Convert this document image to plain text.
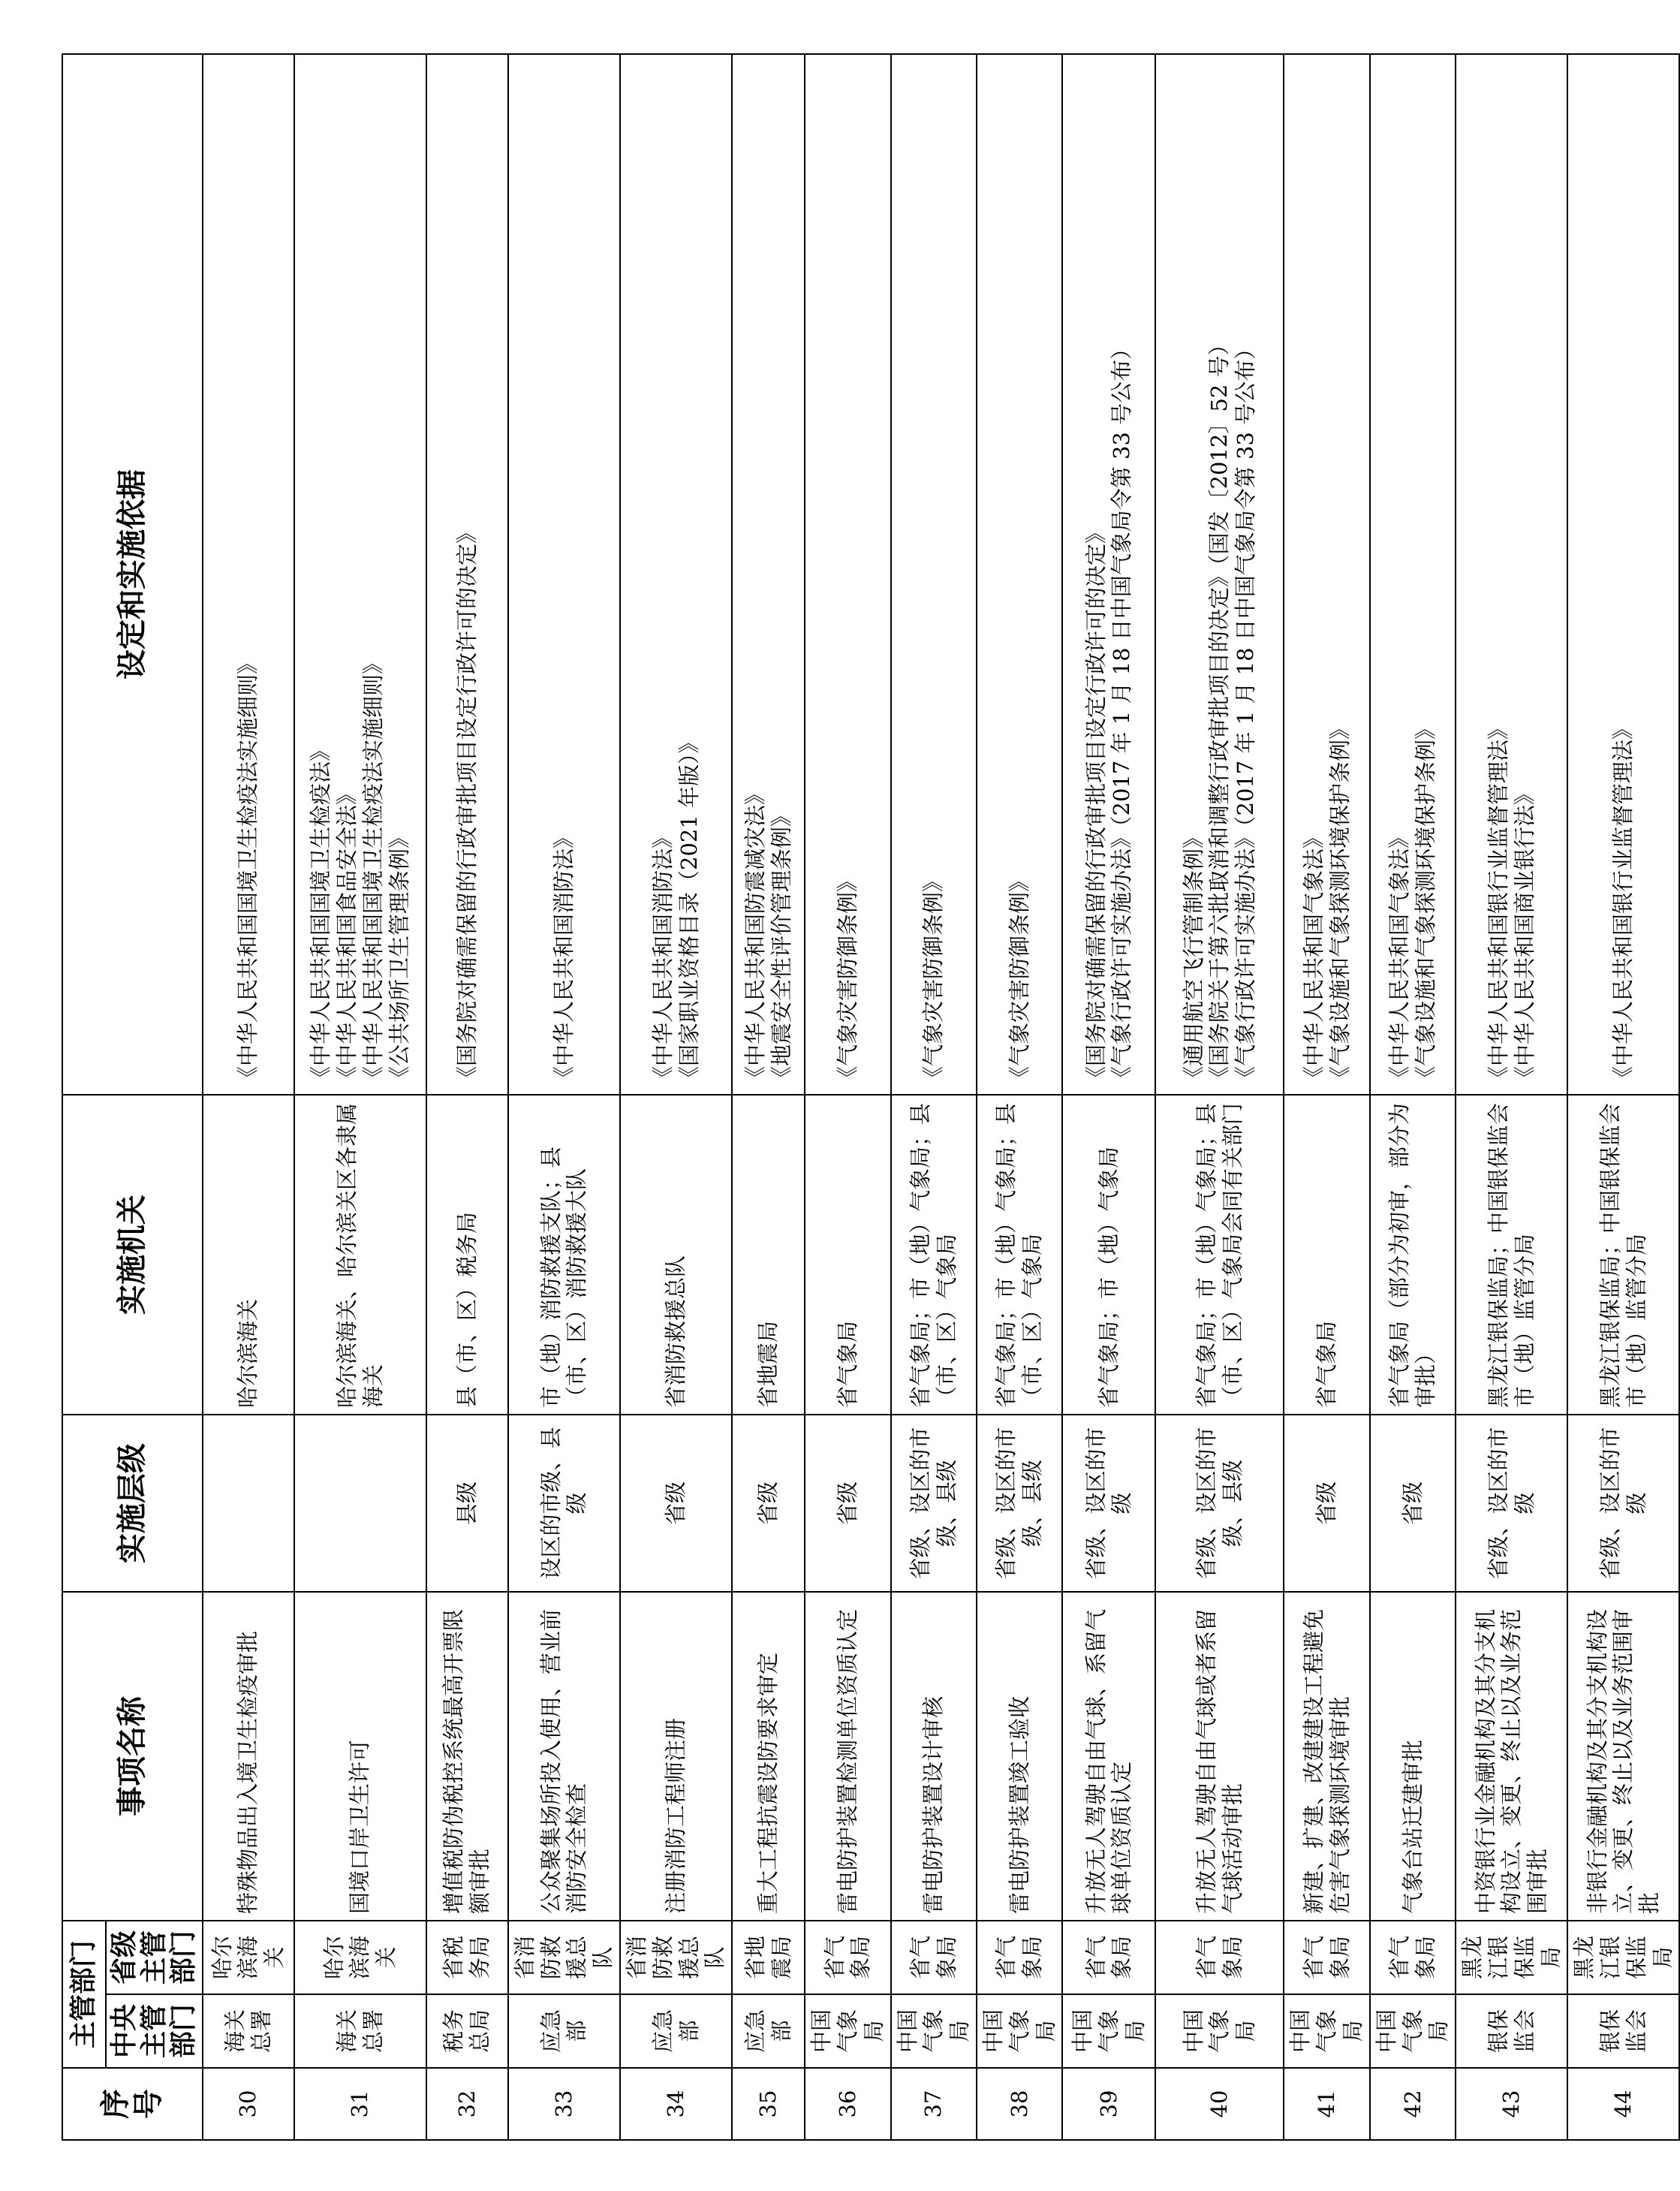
序号	主管部门		事项名称	实施层级	实施机关	设定和实施依据
	中央主管部门	省级主管部门				
30	海关总署	哈尔滨海关	特殊物品出入境卫生检疫审批		哈尔滨海关	《中华人民共和国国境卫生检疫法实施细则》

31	海关总署	哈尔滨海关	国境口岸卫生许可		哈尔滨海关、哈尔滨关区各隶属海关	《中华人民共和国国境卫生检疫法》 《中华人民共和国食品安全法》 《中华人民共和国国境卫生检疫法实施细则》 《公共场所卫生管理条例》

32	税务总局	省税务局	增值税防伪税控系统最高开票限额审批	县级	县（市、区）税务局	《国务院对确需保留的行政审批项目设定行政许可的决定》

33	应急部	省消防救援总队	公众聚集场所投入使用、营业前消防安全检查	设区的市级、县级	市（地）消防救援支队；县（市、区）消防救援大队	《中华人民共和国消防法》

34	应急部	省消防救援总队	注册消防工程师注册	省级	省消防救援总队	《中华人民共和国消防法》 《国家职业资格目录（2021 年版）》

35	应急部	省地震局	重大工程抗震设防要求审定	省级	省地震局	《中华人民共和国防震减灾法》 《地震安全性评价管理条例》

36	中国气象局	省气象局	雷电防护装置检测单位资质认定	省级	省气象局	《气象灾害防御条例》

37	中国气象局	省气象局	雷电防护装置设计审核	省级、设区的市级、县级	省气象局；市（地）气象局；县（市、区）气象局	《气象灾害防御条例》

38	中国气象局	省气象局	雷电防护装置竣工验收	省级、设区的市级、县级	省气象局；市（地）气象局；县（市、区）气象局	《气象灾害防御条例》

39	中国气象局	省气象局	升放无人驾驶自由气球、系留气球单位资质认定	省级、设区的市级	省气象局；市（地）气象局	《国务院对确需保留的行政审批项目设定行政许可的决定》 《气象行政许可实施办法》（2017 年 1 月 18 日中国气象局令第 33 号公布）

40	中国气象局	省气象局	升放无人驾驶自由气球或者系留气球活动审批	省级、设区的市级、县级	省气象局；市（地）气象局；县（市、区）气象局会同有关部门	《通用航空飞行管制条例》 《国务院关于第六批取消和调整行政审批项目的决定》（国发〔2012〕52 号） 《气象行政许可实施办法》（2017 年 1 月 18 日中国气象局令第 33 号公布）

41	中国气象局	省气象局	新建、扩建、改建建设工程避免危害气象探测环境审批	省级	省气象局	《中华人民共和国气象法》 《气象设施和气象探测环境保护条例》

42	中国气象局	省气象局	气象台站迁建审批	省级	省气象局（部分为初审，部分为审批）	《中华人民共和国气象法》 《气象设施和气象探测环境保护条例》

43	银保监会	黑龙江银保监局	中资银行业金融机构及其分支机构设立、变更、终止以及业务范围审批	省级、设区的市级	黑龙江银保监局；中国银保监会市（地）监管分局	《中华人民共和国银行业监督管理法》 《中华人民共和国商业银行法》

44	银保监会	黑龙江银保监局	非银行金融机构及其分支机构设立、变更、终止以及业务范围审批	省级、设区的市级	黑龙江银保监局；中国银保监会市（地）监管分局	《中华人民共和国银行业监督管理法》
